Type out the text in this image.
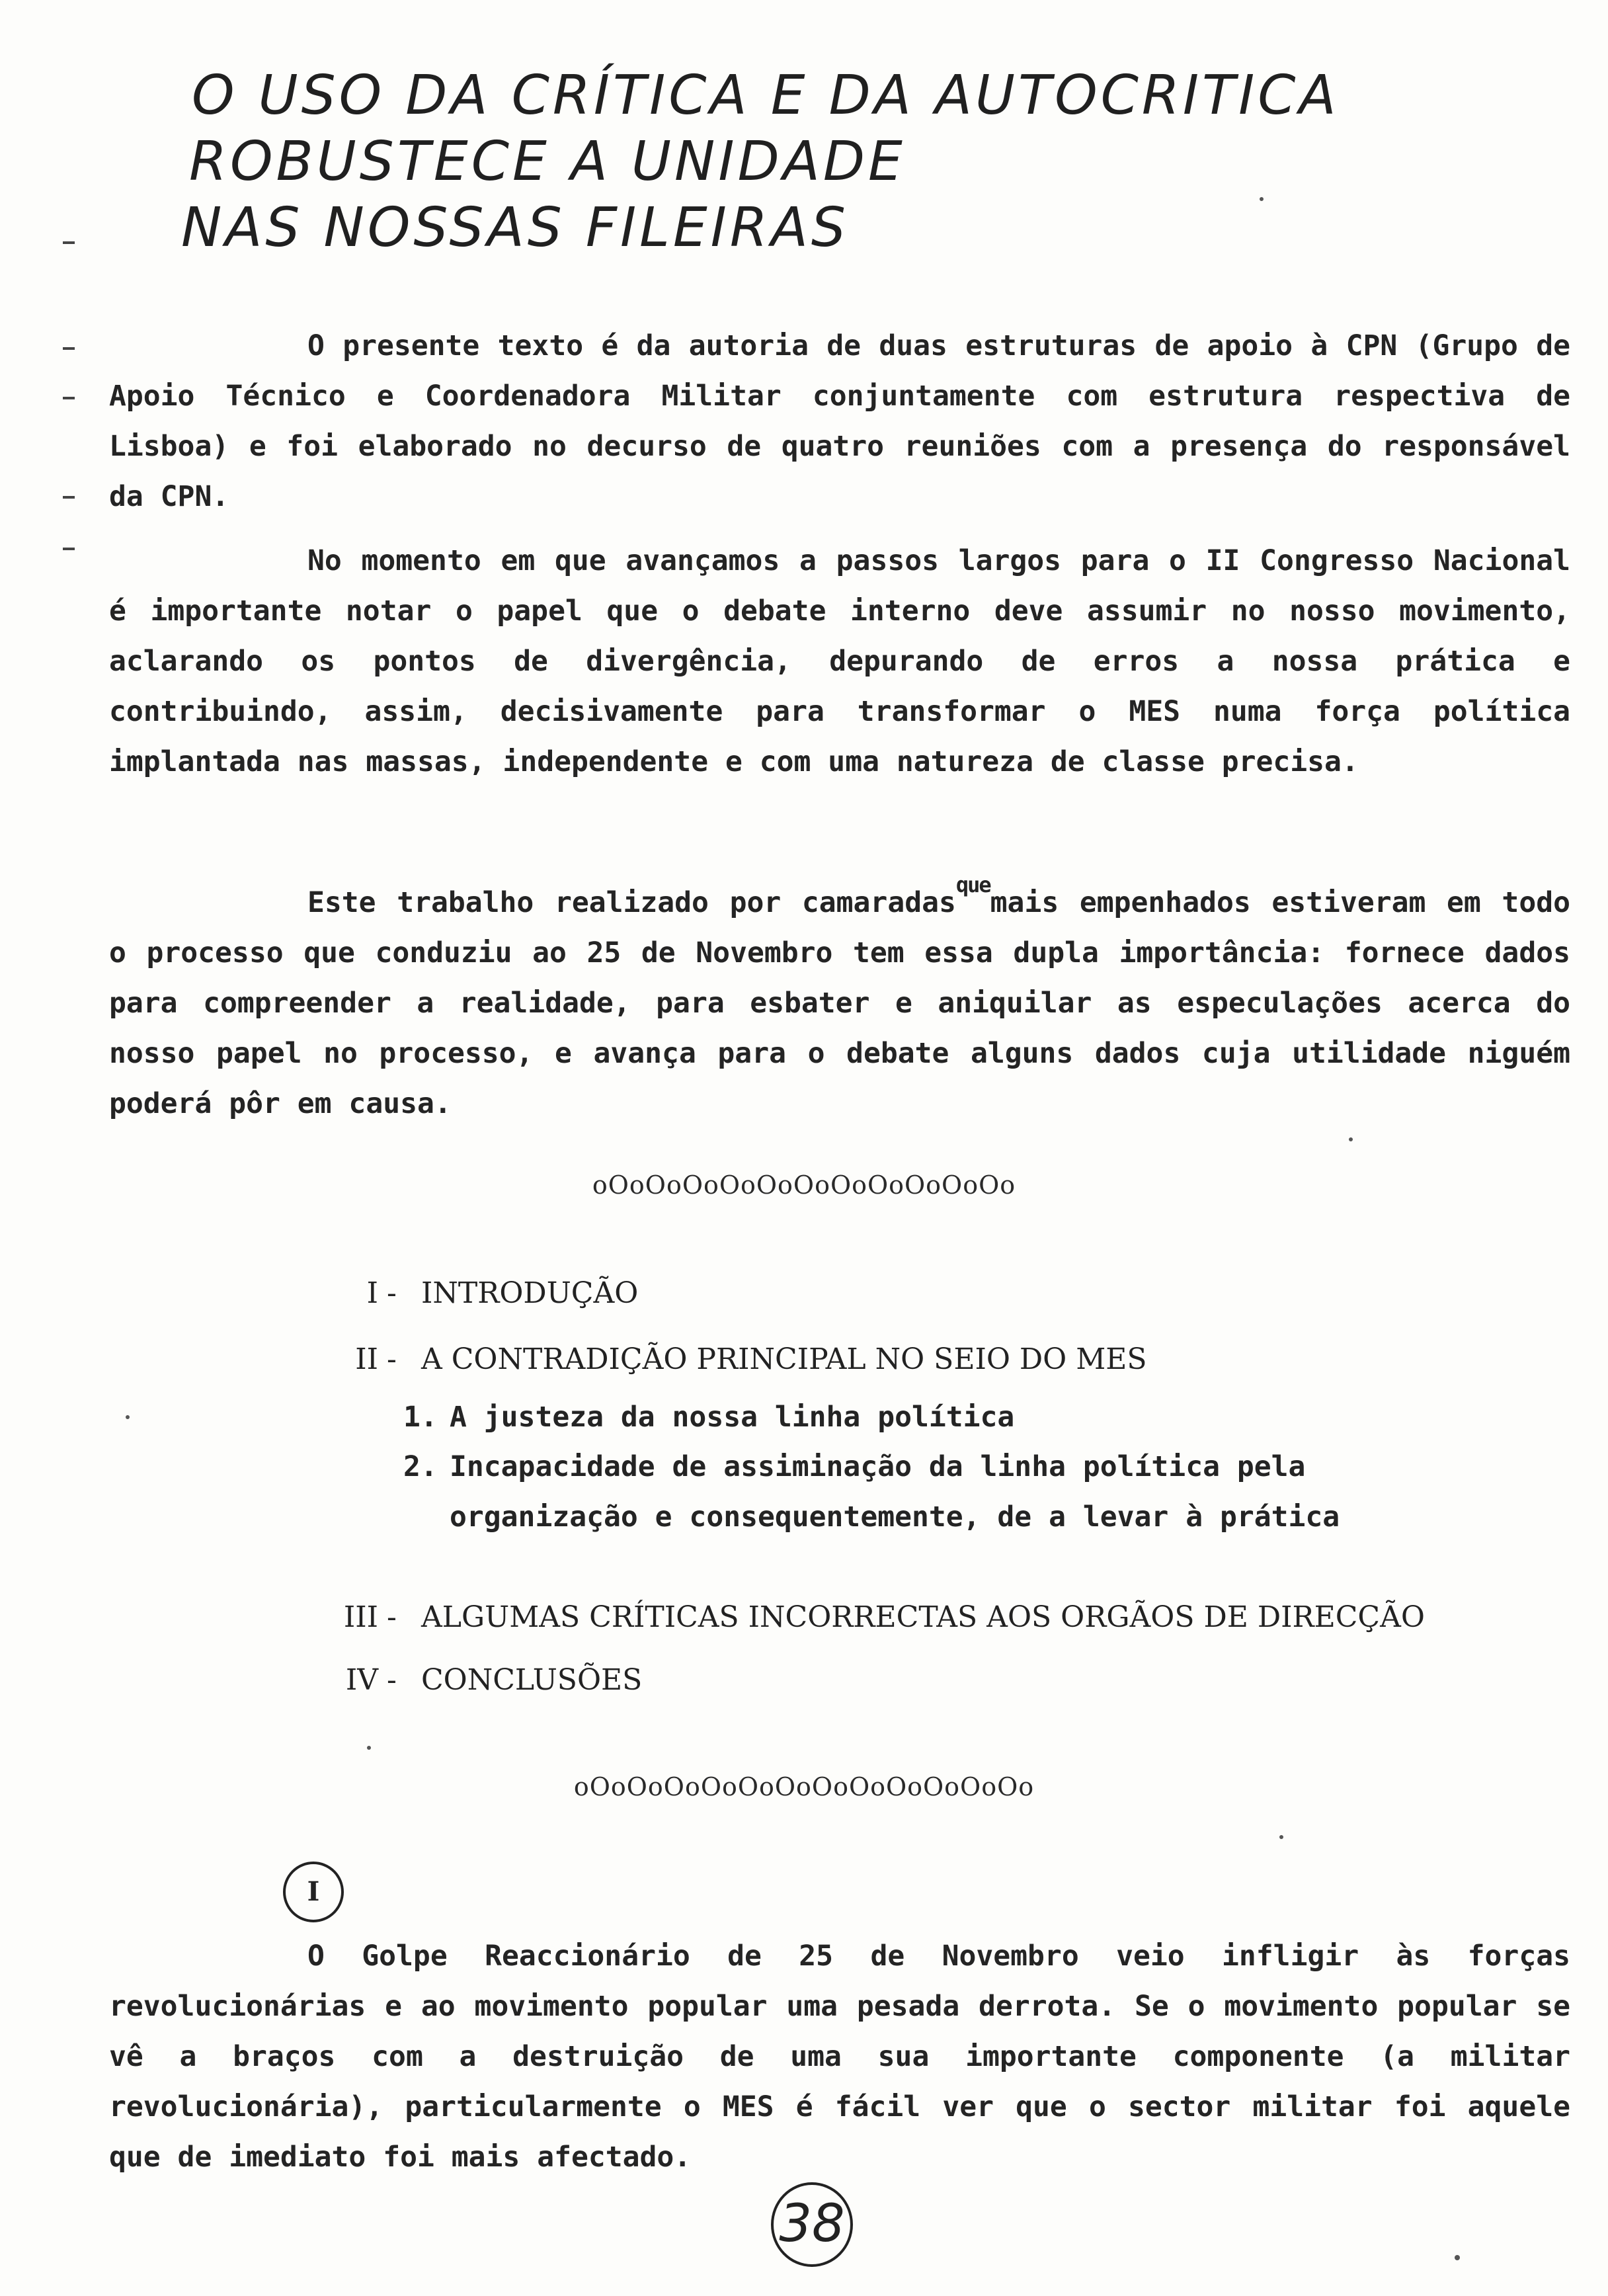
O USO DA CRÍTICA E DA AUTOCRITICA
ROBUSTECE A UNIDADE
NAS NOSSAS FILEIRAS

O presente texto é da autoria de duas estruturas de apoio à CPN (Grupo de Apoio Técnico e Coordenadora Militar conjuntamente com estrutura respectiva de Lisboa) e foi elaborado no decurso de quatro reuniões com a presença do responsável da CPN.

No momento em que avançamos a passos largos para o II Congresso Nacional é importante notar o papel que o debate interno deve assumir no nosso movimento, aclarando os pontos de divergência, depurando de erros a nossa prática e contribuindo, assim, decisivamente para transformar o MES numa força política implantada nas massas, independente e com uma natureza de classe precisa.

Este trabalho realizado por camaradas$^{que}$mais empenhados estiveram em todo o processo que conduziu ao 25 de Novembro tem essa dupla importância: fornece dados para compreender a realidade, para esbater e aniquilar as especulações acerca do nosso papel no processo, e avança para o debate alguns dados cuja utilidade niguém poderá pôr em causa.

oOoOoOoOoOoOoOoOoOoOoOo

I - INTRODUÇÃO
II - A CONTRADIÇÃO PRINCIPAL NO SEIO DO MES
1. A justeza da nossa linha política
2. Incapacidade de assiminação da linha política pela organização e consequentemente, de a levar à prática
III - ALGUMAS CRÍTICAS INCORRECTAS AOS ORGÃOS DE DIRECÇÃO
IV - CONCLUSÕES

oOoOoOoOoOoOoOoOoOoOoOoOo

I

O Golpe Reaccionário de 25 de Novembro veio infligir às forças revolucionárias e ao movimento popular uma pesada derrota. Se o movimento popular se vê a braços com a destruição de uma sua importante componente (a militar revolucionária), particularmente o MES é fácil ver que o sector militar foi aquele que de imediato foi mais afectado.

38
